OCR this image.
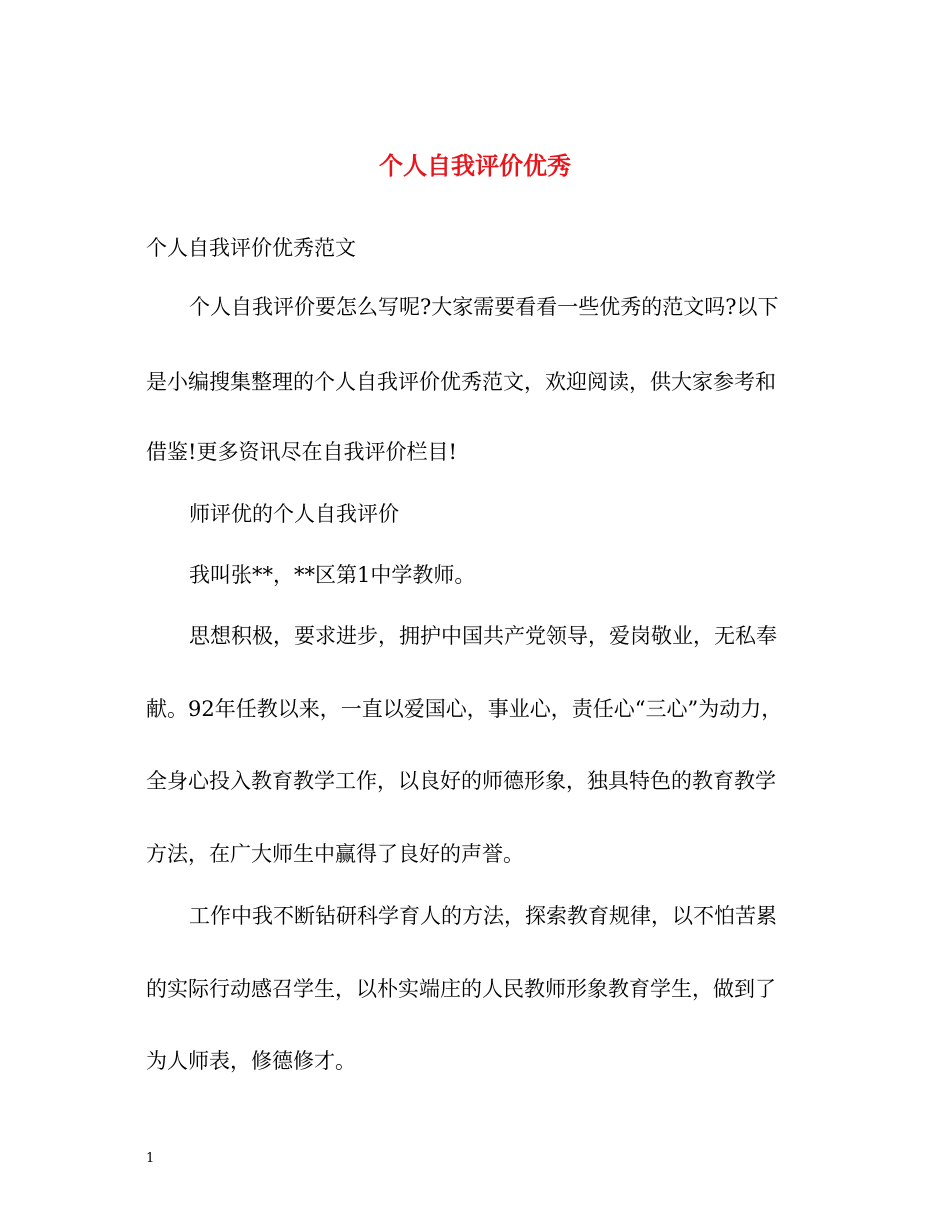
个人自我评价优秀
个人自我评价优秀范文
个人自我评价要怎么写呢?大家需要看看一些优秀的范文吗?以下
是小编搜集整理的个人自我评价优秀范文，欢迎阅读，供大家参考和
借鉴!更多资讯尽在自我评价栏目!
师评优的个人自我评价
我叫张**，**区第1中学教师。
思想积极，要求进步，拥护中国共产党领导，爱岗敬业，无私奉
献。92年任教以来，一直以爱国心，事业心，责任心“三心”为动力，
全身心投入教育教学工作，以良好的师德形象，独具特色的教育教学
方法，在广大师生中赢得了良好的声誉。
工作中我不断钻研科学育人的方法，探索教育规律，以不怕苦累
的实际行动感召学生，以朴实端庄的人民教师形象教育学生，做到了
为人师表，修德修才。
1
